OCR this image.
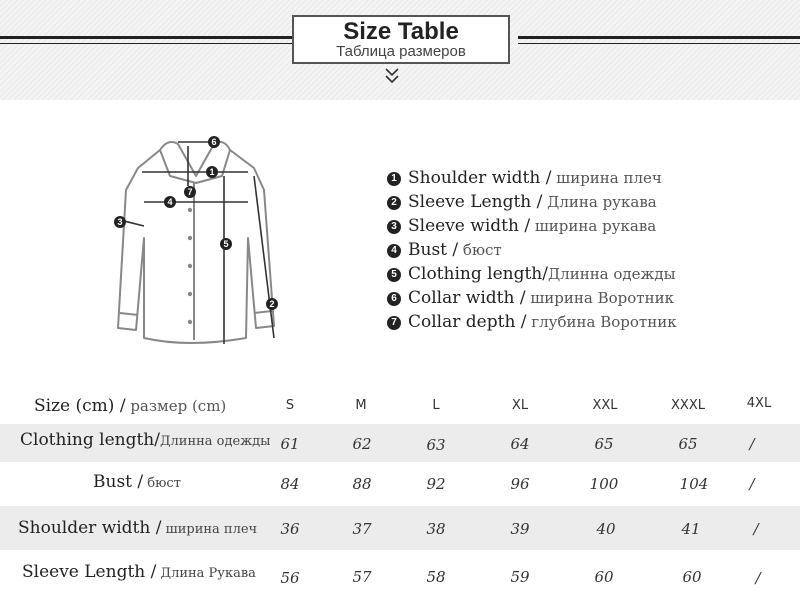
Size Table
Таблица размеров
6
1
7
4
5
2
3
1 Shoulder width / ширина плеч
2 Sleeve Length / Длина рукава
3 Sleeve width / ширина рукава
4 Bust / бюст
5 Clothing length/Длинна одежды
6 Collar width / ширина Воротник
7 Collar depth / глубина Воротник
Size (cm) / размер (cm)	S	M	L	XL	XXL	XXXL	4XL
Clothing length/Длинна одежды 61	62	63	64	65	65	/
Bust / бюст	84	88	92	96	100	104	/
Shoulder width / ширина плеч	36	37	38	39	40	41	/
Sleeve Length / Длина Рукава	56	57	58	59	60	60	/
